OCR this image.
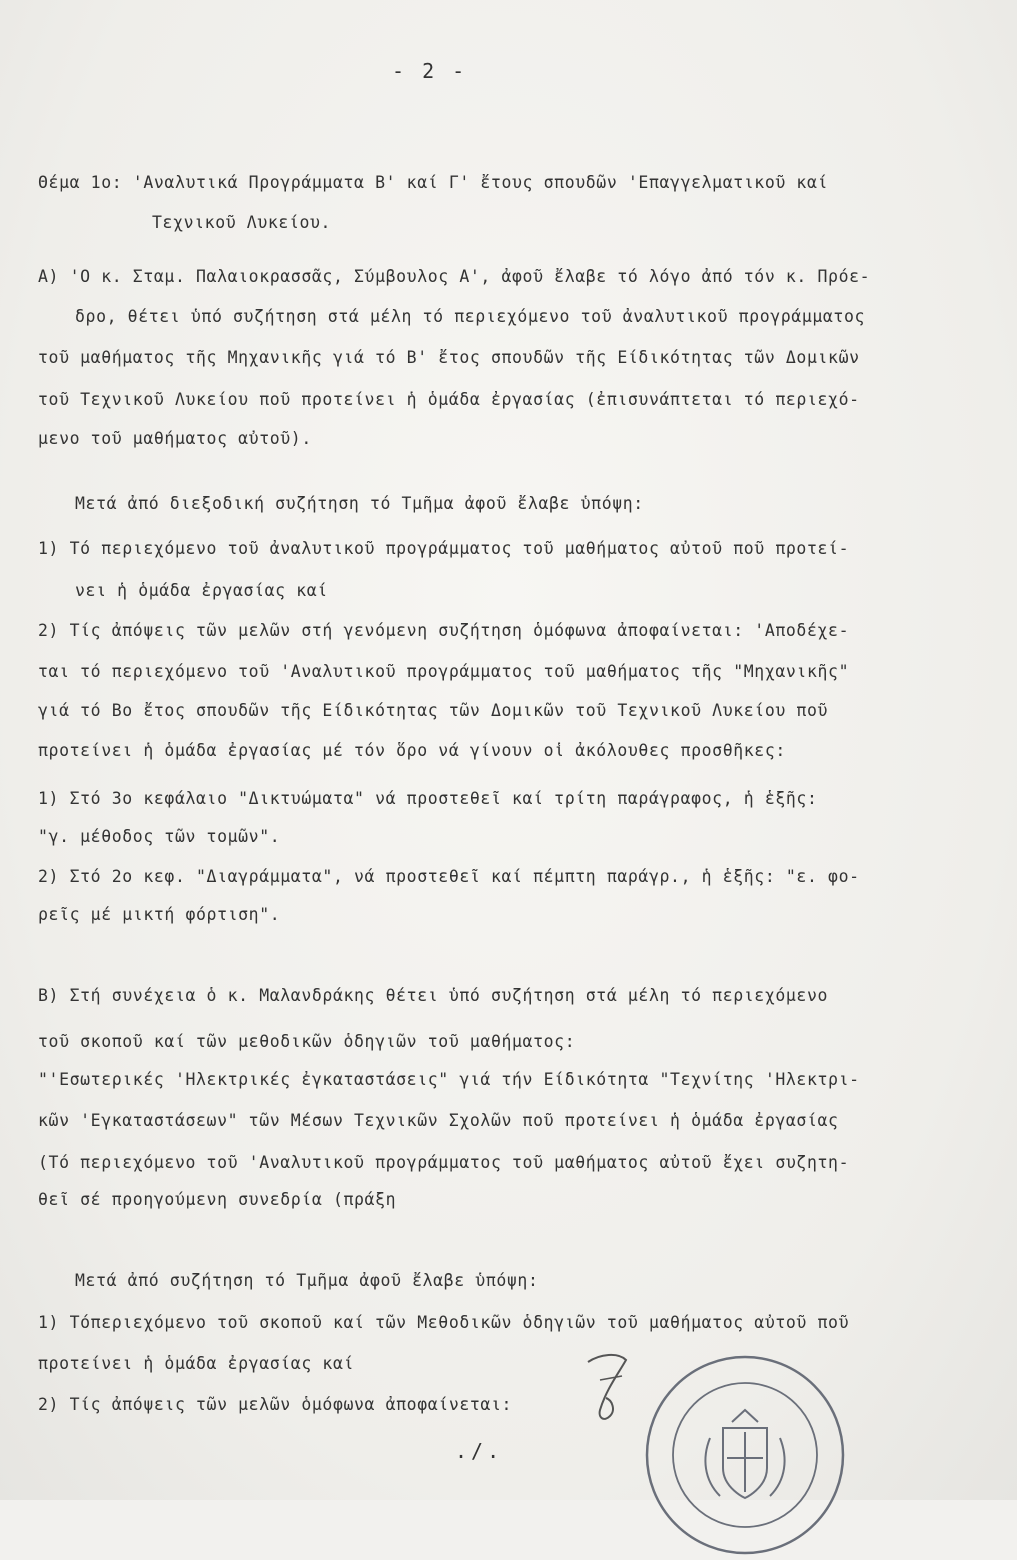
- 2 -
Θέμα 1ο: 'Αναλυτικά Προγράμματα Β' καί Γ' ἔτους σπουδῶν 'Επαγγελματικοῦ καί
Τεχνικοῦ Λυκείου.
Α) 'Ο κ. Σταμ. Παλαιοκρασσᾶς, Σύμβουλος Α', ἀφοῦ ἔλαβε τό λόγο ἀπό τόν κ. Πρόε-
δρο, θέτει ὑπό συζήτηση στά μέλη τό περιεχόμενο τοῦ ἀναλυτικοῦ προγράμματος
τοῦ μαθήματος τῆς Μηχανικῆς γιά τό Β' ἔτος σπουδῶν τῆς Είδικότητας τῶν Δομικῶν
τοῦ Τεχνικοῦ Λυκείου ποῦ προτείνει ἡ ὁμάδα ἐργασίας (ἐπισυνάπτεται τό περιεχό-
μενο τοῦ μαθήματος αὐτοῦ).
Μετά ἀπό διεξοδική συζήτηση τό Τμῆμα ἀφοῦ ἔλαβε ὑπόψη:
1) Τό περιεχόμενο τοῦ ἀναλυτικοῦ προγράμματος τοῦ μαθήματος αὐτοῦ ποῦ προτεί-
νει ἡ ὁμάδα ἐργασίας καί
2) Τίς ἀπόψεις τῶν μελῶν στή γενόμενη συζήτηση ὁμόφωνα ἀποφαίνεται: 'Αποδέχε-
ται τό περιεχόμενο τοῦ 'Αναλυτικοῦ προγράμματος τοῦ μαθήματος τῆς "Μηχανικῆς"
γιά τό Βο ἔτος σπουδῶν τῆς Είδικότητας τῶν Δομικῶν τοῦ Τεχνικοῦ Λυκείου ποῦ
προτείνει ἡ ὁμάδα ἐργασίας μέ τόν ὅρο νά γίνουν οἱ ἀκόλουθες προσθῆκες:
1) Στό 3ο κεφάλαιο "Δικτυώματα" νά προστεθεῖ καί τρίτη παράγραφος, ἡ ἑξῆς:
"γ. μέθοδος τῶν τομῶν".
2) Στό 2ο κεφ. "Διαγράμματα", νά προστεθεῖ καί πέμπτη παράγρ., ἡ ἑξῆς: "ε. φο-
ρεῖς μέ μικτή φόρτιση".
Β) Στή συνέχεια ὁ κ. Μαλανδράκης θέτει ὑπό συζήτηση στά μέλη τό περιεχόμενο
τοῦ σκοποῦ καί τῶν μεθοδικῶν ὁδηγιῶν τοῦ μαθήματος:
"'Εσωτερικές 'Ηλεκτρικές ἐγκαταστάσεις" γιά τήν Είδικότητα "Τεχνίτης 'Ηλεκτρι-
κῶν 'Εγκαταστάσεων" τῶν Μέσων Τεχνικῶν Σχολῶν ποῦ προτείνει ἡ ὁμάδα ἐργασίας
(Τό περιεχόμενο τοῦ 'Αναλυτικοῦ προγράμματος τοῦ μαθήματος αὐτοῦ ἔχει συζητη-
θεῖ σέ προηγούμενη συνεδρία (πράξη
Μετά ἀπό συζήτηση τό Τμῆμα ἀφοῦ ἔλαβε ὑπόψη:
1) Τόπεριεχόμενο τοῦ σκοποῦ καί τῶν Μεθοδικῶν ὁδηγιῶν τοῦ μαθήματος αὐτοῦ ποῦ
προτείνει ἡ ὁμάδα ἐργασίας καί
2) Τίς ἀπόψεις τῶν μελῶν ὁμόφωνα ἀποφαίνεται:
./.
